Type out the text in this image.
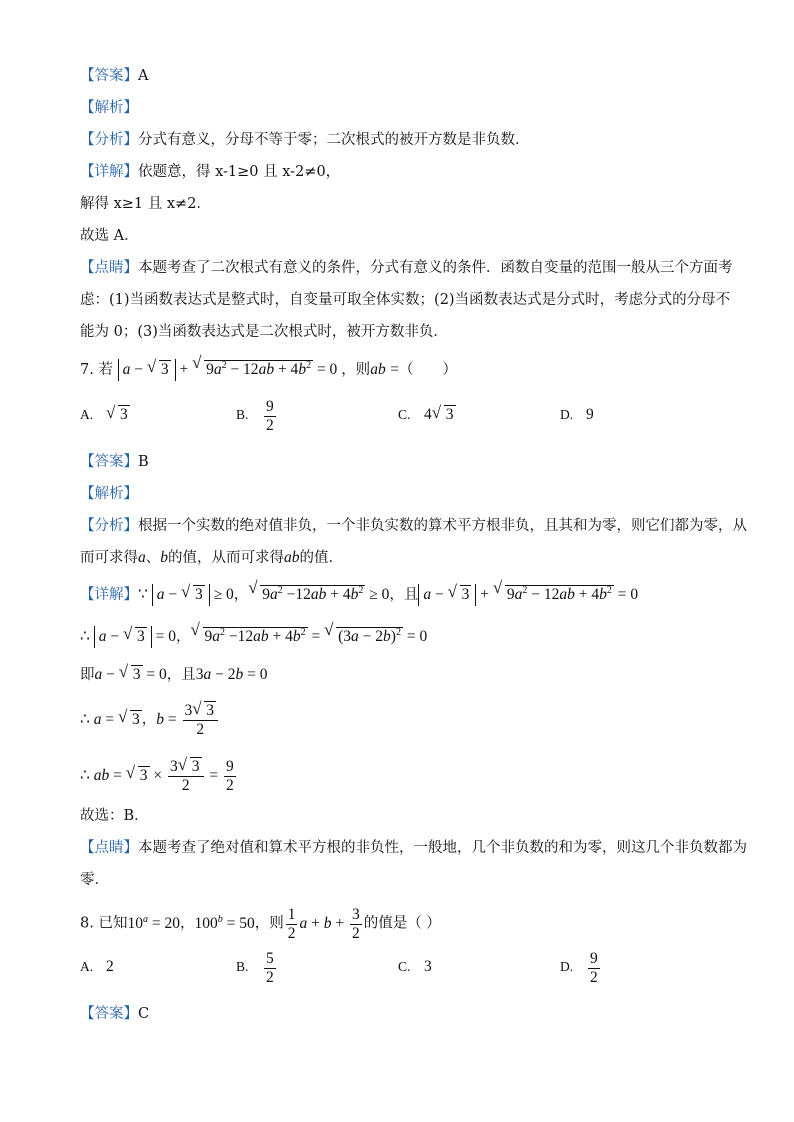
【答案】A
【解析】
【分析】分式有意义，分母不等于零；二次根式的被开方数是非负数．
【详解】依题意，得 x-1≥0 且 x-2≠0，
解得 x≥1 且 x≠2．
故选 A．
【点睛】本题考查了二次根式有意义的条件，分式有意义的条件．函数自变量的范围一般从三个方面考
虑：(1)当函数表达式是整式时，自变量可取全体实数；(2)当函数表达式是分式时，考虑分式的分母不
能为 0；(3)当函数表达式是二次根式时，被开方数非负．
7. 若 a − √ 3 + √ $9a^2 - 12ab + 4b^2 = 0$ ，则ab =（　　）
A. √ 3	B. $\frac{9}{2}$	C. 4 √ 3	D. 9
【答案】B
【解析】
【分析】根据一个实数的绝对值非负，一个非负实数的算术平方根非负，且其和为零，则它们都为零，从
而可求得a、b的值，从而可求得ab的值．
【详解】∵ a − √ 3 ≥ 0， √ $9a^2 -12ab + 4b^2 \ge 0$，且 a − √ 3 + √ $9a^2 - 12ab + 4b^2 = 0$
∴ a − √ 3 = 0， √ $9a^2 -12ab + 4b^2$ = √ $(3a - 2b)^2 = 0$
即a − √ 3 = 0，且3a − 2b = 0
∴ a = √ 3 ，$b = \frac{3 √ 3}{2}$
∴ ab = √ $3 \times \frac{3 √ 3}{2} = \frac{9}{2}$
故选：B．
【点睛】本题考查了绝对值和算术平方根的非负性，一般地，几个非负数的和为零，则这几个非负数都为
零．
8. 已知$10^a = 20$，$100^b = 50$，则 $\frac{1}{2}$ $a + b + \frac{3}{2}$ 的值是（ ）
A. 2	B. $\frac{5}{2}$	C. 3	D. $\frac{9}{2}$
【答案】C
